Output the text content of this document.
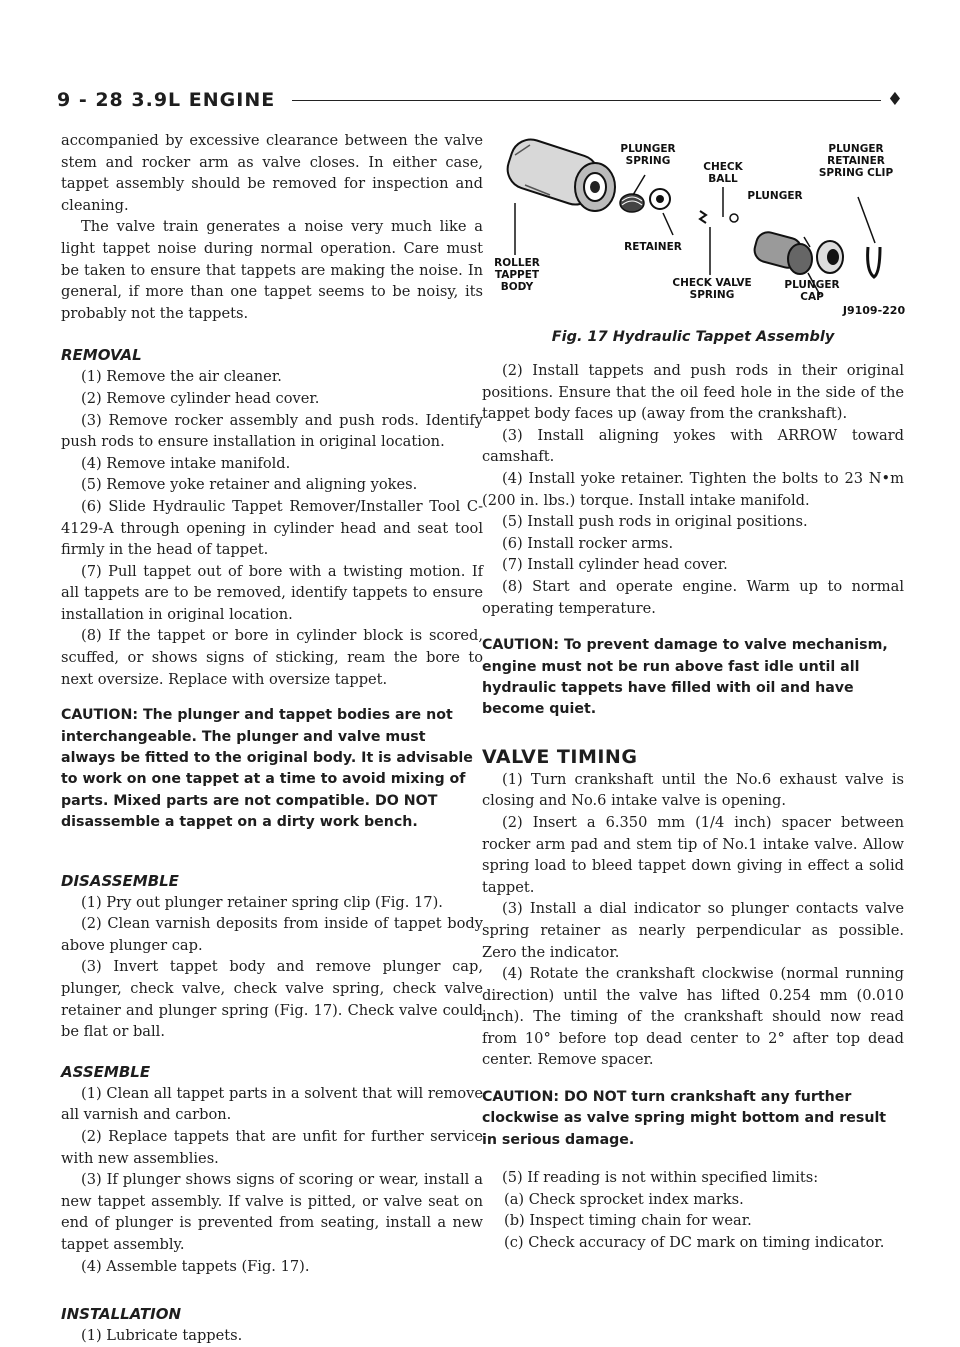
9 - 28 3.9L ENGINE	♦

accompanied by excessive clearance between the valve stem and rocker arm as valve closes. In either case, tappet assembly should be removed for inspection and cleaning.

The valve train generates a noise very much like a light tappet noise during normal operation. Care must be taken to ensure that tappets are making the noise. In general, if more than one tappet seems to be noisy, its probably not the tappets.

REMOVAL

(1) Remove the air cleaner.

(2) Remove cylinder head cover.

(3) Remove rocker assembly and push rods. Identify push rods to ensure installation in original location.

(4) Remove intake manifold.

(5) Remove yoke retainer and aligning yokes.

(6) Slide Hydraulic Tappet Remover/Installer Tool C-4129-A through opening in cylinder head and seat tool firmly in the head of tappet.

(7) Pull tappet out of bore with a twisting motion. If all tappets are to be removed, identify tappets to ensure installation in original location.

(8) If the tappet or bore in cylinder block is scored, scuffed, or shows signs of sticking, ream the bore to next oversize. Replace with oversize tappet.

CAUTION: The plunger and tappet bodies are not interchangeable. The plunger and valve must always be fitted to the original body. It is advisable to work on one tappet at a time to avoid mixing of parts. Mixed parts are not compatible. DO NOT disassemble a tappet on a dirty work bench.
DISASSEMBLE

(1) Pry out plunger retainer spring clip (Fig. 17).

(2) Clean varnish deposits from inside of tappet body above plunger cap.

(3) Invert tappet body and remove plunger cap, plunger, check valve, check valve spring, check valve retainer and plunger spring (Fig. 17). Check valve could be flat or ball.

ASSEMBLE

(1) Clean all tappet parts in a solvent that will remove all varnish and carbon.

(2) Replace tappets that are unfit for further service with new assemblies.

(3) If plunger shows signs of scoring or wear, install a new tappet assembly. If valve is pitted, or valve seat on end of plunger is prevented from seating, install a new tappet assembly.

(4) Assemble tappets (Fig. 17).

INSTALLATION

(1) Lubricate tappets.

PLUNGER SPRING	CHECK BALL
PLUNGER RETAINER SPRING CLIP
PLUNGER
ROLLER TAPPET BODY
RETAINER
CHECK VALVE SPRING
PLUNGER CAP
J9109-220
Fig. 17 Hydraulic Tappet Assembly

(2) Install tappets and push rods in their original positions. Ensure that the oil feed hole in the side of the tappet body faces up (away from the crankshaft).

(3) Install aligning yokes with ARROW toward camshaft.

(4) Install yoke retainer. Tighten the bolts to 23 N•m (200 in. lbs.) torque. Install intake manifold.

(5) Install push rods in original positions.

(6) Install rocker arms.

(7) Install cylinder head cover.

(8) Start and operate engine. Warm up to normal operating temperature.

CAUTION: To prevent damage to valve mechanism, engine must not be run above fast idle until all hydraulic tappets have filled with oil and have become quiet.
VALVE TIMING

(1) Turn crankshaft until the No.6 exhaust valve is closing and No.6 intake valve is opening.

(2) Insert a 6.350 mm (1/4 inch) spacer between rocker arm pad and stem tip of No.1 intake valve. Allow spring load to bleed tappet down giving in effect a solid tappet.

(3) Install a dial indicator so plunger contacts valve spring retainer as nearly perpendicular as possible. Zero the indicator.

(4) Rotate the crankshaft clockwise (normal running direction) until the valve has lifted 0.254 mm (0.010 inch). The timing of the crankshaft should now read from 10° before top dead center to 2° after top dead center. Remove spacer.

CAUTION: DO NOT turn crankshaft any further clockwise as valve spring might bottom and result in serious damage.

(5) If reading is not within specified limits:

(a) Check sprocket index marks.

(b) Inspect timing chain for wear.

(c) Check accuracy of DC mark on timing indicator.
